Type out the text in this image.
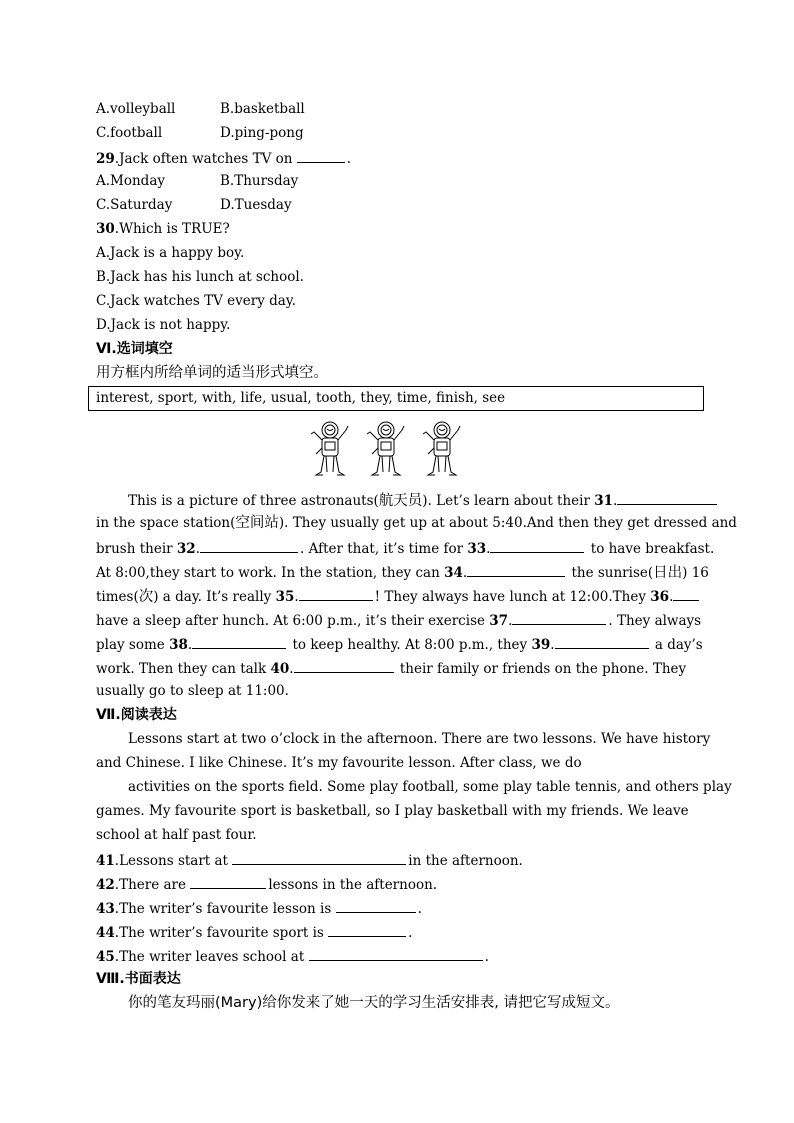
A.volleyball	B.basketball
C.football	D.ping-pong
29.Jack often watches TV on	.
A.Monday	B.Thursday
C.Saturday	D.Tuesday
30.Which is TRUE?
A.Jack is a happy boy.
B.Jack has his lunch at school.
C.Jack watches TV every day.
D.Jack is not happy.
Ⅵ.选词填空
用方框内所给单词的适当形式填空。
interest, sport, with, life, usual, tooth, they, time, finish, see
This is a picture of three astronauts(航天员). Let’s learn about their 31.
in the space station(空间站). They usually get up at about 5:40.And then they get dressed and
brush their 32.	. After that, it’s time for 33.	to have breakfast.
At 8:00,they start to work. In the station, they can 34.	the sunrise(日出) 16
times(次) a day. It’s really 35.	! They always have lunch at 12:00.They 36.
have a sleep after hunch. At 6:00 p.m., it’s their exercise 37.	. They always
play some 38.	to keep healthy. At 8:00 p.m., they 39.	a day’s
work. Then they can talk 40.	their family or friends on the phone. They
usually go to sleep at 11:00.
Ⅶ.阅读表达
Lessons start at two o’clock in the afternoon. There are two lessons. We have history
and Chinese. I like Chinese. It’s my favourite lesson. After class, we do
activities on the sports field. Some play football, some play table tennis, and others play
games. My favourite sport is basketball, so I play basketball with my friends. We leave
school at half past four.
41.Lessons start at	in the afternoon.
42.There are	lessons in the afternoon.
43.The writer’s favourite lesson is	.
44.The writer’s favourite sport is	.
45.The writer leaves school at	.
Ⅷ.书面表达
你的笔友玛丽(Mary)给你发来了她一天的学习生活安排表, 请把它写成短文。
